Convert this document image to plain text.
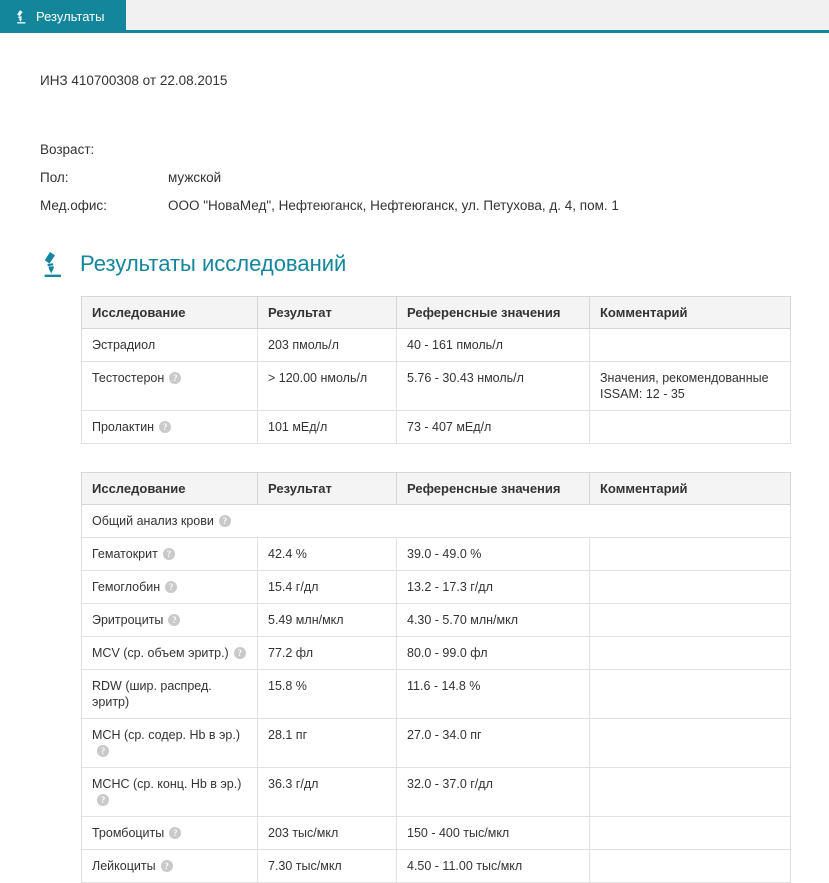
Результаты
ИНЗ 410700308 от 22.08.2015
Возраст:
Пол:	мужской
Мед.офис:	ООО "НоваМед", Нефтеюганск, Нефтеюганск, ул. Петухова, д. 4, пом. 1
Результаты исследований
Исследование	Результат	Референсные значения	Комментарий
Эстрадиол	203 пмоль/л	40 - 161 пмоль/л	
Тестостерон ?	> 120.00 нмоль/л	5.76 - 30.43 нмоль/л	Значения, рекомендованные ISSAM: 12 - 35
Пролактин ?	101 мЕд/л	73 - 407 мЕд/л	
Исследование	Результат	Референсные значения	Комментарий
Общий анализ крови ?			
Гематокрит ?	42.4 %	39.0 - 49.0 %	
Гемоглобин ?	15.4 г/дл	13.2 - 17.3 г/дл	
Эритроциты ?	5.49 млн/мкл	4.30 - 5.70 млн/мкл	
MCV (ср. объем эритр.) ?	77.2 фл	80.0 - 99.0 фл	
RDW (шир. распред. эритр)	15.8 %	11.6 - 14.8 %	
MCH (ср. содер. Hb в эр.)?	28.1 пг	27.0 - 34.0 пг	
MCHC (ср. конц. Hb в эр.)?	36.3 г/дл	32.0 - 37.0 г/дл	
Тромбоциты ?	203 тыс/мкл	150 - 400 тыс/мкл	
Лейкоциты ?	7.30 тыс/мкл	4.50 - 11.00 тыс/мкл	
